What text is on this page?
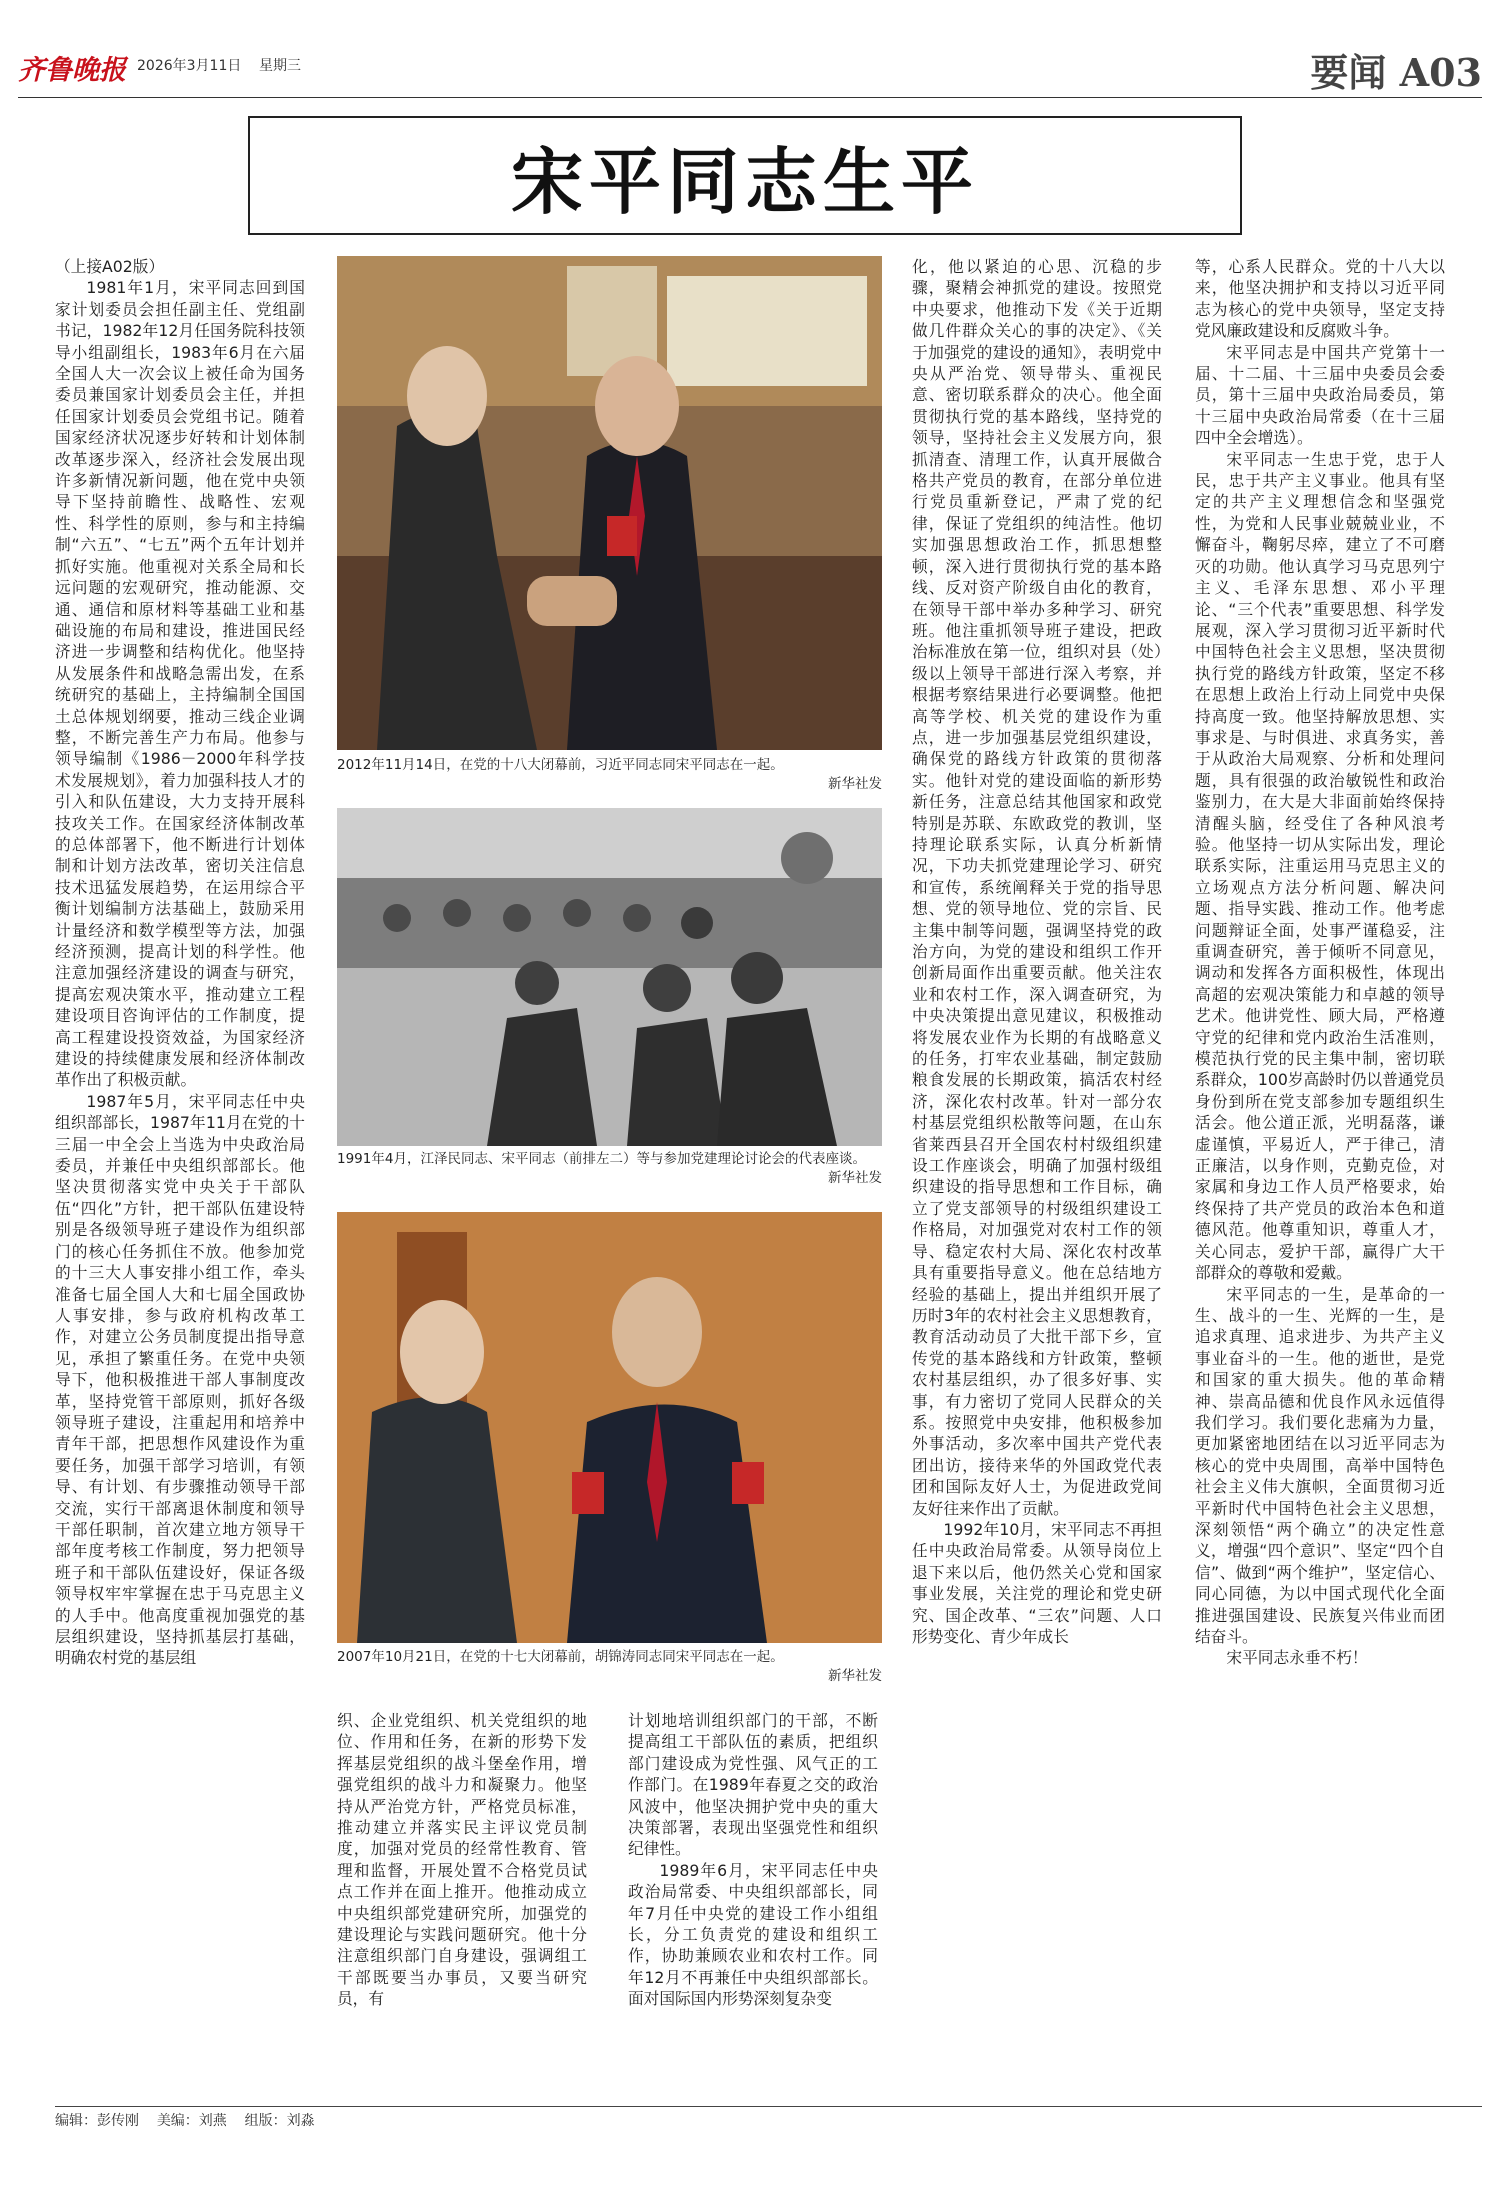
齐鲁晚报 2026年3月11日 星期三	要闻 A03
宋平同志生平

（上接A02版）

1981年1月，宋平同志回到国家计划委员会担任副主任、党组副书记，1982年12月任国务院科技领导小组副组长，1983年6月在六届全国人大一次会议上被任命为国务委员兼国家计划委员会主任，并担任国家计划委员会党组书记。随着国家经济状况逐步好转和计划体制改革逐步深入，经济社会发展出现许多新情况新问题，他在党中央领导下坚持前瞻性、战略性、宏观性、科学性的原则，参与和主持编制“六五”、“七五”两个五年计划并抓好实施。他重视对关系全局和长远问题的宏观研究，推动能源、交通、通信和原材料等基础工业和基础设施的布局和建设，推进国民经济进一步调整和结构优化。他坚持从发展条件和战略急需出发，在系统研究的基础上，主持编制全国国土总体规划纲要，推动三线企业调整，不断完善生产力布局。他参与领导编制《1986－2000年科学技术发展规划》，着力加强科技人才的引入和队伍建设，大力支持开展科技攻关工作。在国家经济体制改革的总体部署下，他不断进行计划体制和计划方法改革，密切关注信息技术迅猛发展趋势，在运用综合平衡计划编制方法基础上，鼓励采用计量经济和数学模型等方法，加强经济预测，提高计划的科学性。他注意加强经济建设的调查与研究，提高宏观决策水平，推动建立工程建设项目咨询评估的工作制度，提高工程建设投资效益，为国家经济建设的持续健康发展和经济体制改革作出了积极贡献。

1987年5月，宋平同志任中央组织部部长，1987年11月在党的十三届一中全会上当选为中央政治局委员，并兼任中央组织部部长。他坚决贯彻落实党中央关于干部队伍“四化”方针，把干部队伍建设特别是各级领导班子建设作为组织部门的核心任务抓住不放。他参加党的十三大人事安排小组工作，牵头准备七届全国人大和七届全国政协人事安排，参与政府机构改革工作，对建立公务员制度提出指导意见，承担了繁重任务。在党中央领导下，他积极推进干部人事制度改革，坚持党管干部原则，抓好各级领导班子建设，注重起用和培养中青年干部，把思想作风建设作为重要任务，加强干部学习培训，有领导、有计划、有步骤推动领导干部交流，实行干部离退休制度和领导干部任职制，首次建立地方领导干部年度考核工作制度，努力把领导班子和干部队伍建设好，保证各级领导权牢牢掌握在忠于马克思主义的人手中。他高度重视加强党的基层组织建设，坚持抓基层打基础，明确农村党的基层组

2012年11月14日，在党的十八大闭幕前，习近平同志同宋平同志在一起。
新华社发
1991年4月，江泽民同志、宋平同志（前排左二）等与参加党建理论讨论会的代表座谈。
新华社发
2007年10月21日，在党的十七大闭幕前，胡锦涛同志同宋平同志在一起。
新华社发

织、企业党组织、机关党组织的地位、作用和任务，在新的形势下发挥基层党组织的战斗堡垒作用，增强党组织的战斗力和凝聚力。他坚持从严治党方针，严格党员标准，推动建立并落实民主评议党员制度，加强对党员的经常性教育、管理和监督，开展处置不合格党员试点工作并在面上推开。他推动成立中央组织部党建研究所，加强党的建设理论与实践问题研究。他十分注意组织部门自身建设，强调组工干部既要当办事员，又要当研究员，有

计划地培训组织部门的干部，不断提高组工干部队伍的素质，把组织部门建设成为党性强、风气正的工作部门。在1989年春夏之交的政治风波中，他坚决拥护党中央的重大决策部署，表现出坚强党性和组织纪律性。

1989年6月，宋平同志任中央政治局常委、中央组织部部长，同年7月任中央党的建设工作小组组长，分工负责党的建设和组织工作，协助兼顾农业和农村工作。同年12月不再兼任中央组织部部长。面对国际国内形势深刻复杂变

化，他以紧迫的心思、沉稳的步骤，聚精会神抓党的建设。按照党中央要求，他推动下发《关于近期做几件群众关心的事的决定》、《关于加强党的建设的通知》，表明党中央从严治党、领导带头、重视民意、密切联系群众的决心。他全面贯彻执行党的基本路线，坚持党的领导，坚持社会主义发展方向，狠抓清查、清理工作，认真开展做合格共产党员的教育，在部分单位进行党员重新登记，严肃了党的纪律，保证了党组织的纯洁性。他切实加强思想政治工作，抓思想整顿，深入进行贯彻执行党的基本路线、反对资产阶级自由化的教育，在领导干部中举办多种学习、研究班。他注重抓领导班子建设，把政治标准放在第一位，组织对县（处）级以上领导干部进行深入考察，并根据考察结果进行必要调整。他把高等学校、机关党的建设作为重点，进一步加强基层党组织建设，确保党的路线方针政策的贯彻落实。他针对党的建设面临的新形势新任务，注意总结其他国家和政党特别是苏联、东欧政党的教训，坚持理论联系实际，认真分析新情况，下功夫抓党建理论学习、研究和宣传，系统阐释关于党的指导思想、党的领导地位、党的宗旨、民主集中制等问题，强调坚持党的政治方向，为党的建设和组织工作开创新局面作出重要贡献。他关注农业和农村工作，深入调查研究，为中央决策提出意见建议，积极推动将发展农业作为长期的有战略意义的任务，打牢农业基础，制定鼓励粮食发展的长期政策，搞活农村经济，深化农村改革。针对一部分农村基层党组织松散等问题，在山东省莱西县召开全国农村村级组织建设工作座谈会，明确了加强村级组织建设的指导思想和工作目标，确立了党支部领导的村级组织建设工作格局，对加强党对农村工作的领导、稳定农村大局、深化农村改革具有重要指导意义。他在总结地方经验的基础上，提出并组织开展了历时3年的农村社会主义思想教育，教育活动动员了大批干部下乡，宣传党的基本路线和方针政策，整顿农村基层组织，办了很多好事、实事，有力密切了党同人民群众的关系。按照党中央安排，他积极参加外事活动，多次率中国共产党代表团出访，接待来华的外国政党代表团和国际友好人士，为促进政党间友好往来作出了贡献。

1992年10月，宋平同志不再担任中央政治局常委。从领导岗位上退下来以后，他仍然关心党和国家事业发展，关注党的理论和党史研究、国企改革、“三农”问题、人口形势变化、青少年成长

等，心系人民群众。党的十八大以来，他坚决拥护和支持以习近平同志为核心的党中央领导，坚定支持党风廉政建设和反腐败斗争。

宋平同志是中国共产党第十一届、十二届、十三届中央委员会委员，第十三届中央政治局委员，第十三届中央政治局常委（在十三届四中全会增选）。

宋平同志一生忠于党，忠于人民，忠于共产主义事业。他具有坚定的共产主义理想信念和坚强党性，为党和人民事业兢兢业业，不懈奋斗，鞠躬尽瘁，建立了不可磨灭的功勋。他认真学习马克思列宁主义、毛泽东思想、邓小平理论、“三个代表”重要思想、科学发展观，深入学习贯彻习近平新时代中国特色社会主义思想，坚决贯彻执行党的路线方针政策，坚定不移在思想上政治上行动上同党中央保持高度一致。他坚持解放思想、实事求是、与时俱进、求真务实，善于从政治大局观察、分析和处理问题，具有很强的政治敏锐性和政治鉴别力，在大是大非面前始终保持清醒头脑，经受住了各种风浪考验。他坚持一切从实际出发，理论联系实际，注重运用马克思主义的立场观点方法分析问题、解决问题、指导实践、推动工作。他考虑问题辩证全面，处事严谨稳妥，注重调查研究，善于倾听不同意见，调动和发挥各方面积极性，体现出高超的宏观决策能力和卓越的领导艺术。他讲党性、顾大局，严格遵守党的纪律和党内政治生活准则，模范执行党的民主集中制，密切联系群众，100岁高龄时仍以普通党员身份到所在党支部参加专题组织生活会。他公道正派，光明磊落，谦虚谨慎，平易近人，严于律己，清正廉洁，以身作则，克勤克俭，对家属和身边工作人员严格要求，始终保持了共产党员的政治本色和道德风范。他尊重知识，尊重人才，关心同志，爱护干部，赢得广大干部群众的尊敬和爱戴。

宋平同志的一生，是革命的一生、战斗的一生、光辉的一生，是追求真理、追求进步、为共产主义事业奋斗的一生。他的逝世，是党和国家的重大损失。他的革命精神、崇高品德和优良作风永远值得我们学习。我们要化悲痛为力量，更加紧密地团结在以习近平同志为核心的党中央周围，高举中国特色社会主义伟大旗帜，全面贯彻习近平新时代中国特色社会主义思想，深刻领悟“两个确立”的决定性意义，增强“四个意识”、坚定“四个自信”、做到“两个维护”，坚定信心、同心同德，为以中国式现代化全面推进强国建设、民族复兴伟业而团结奋斗。

宋平同志永垂不朽！

编辑：彭传刚 美编：刘燕 组版：刘淼
